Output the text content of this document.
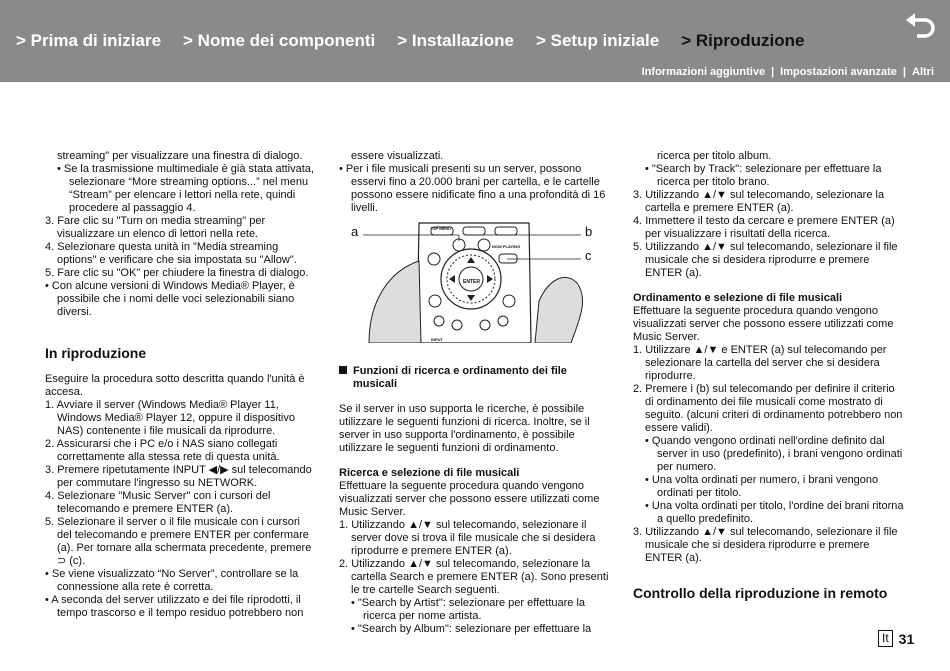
> Prima di iniziare > Nome dei componenti > Installazione > Setup iniziale > Riproduzione
Informazioni aggiuntive | Impostazioni avanzate | Altri

streaming" per visualizzare una finestra di dialogo.

• Se la trasmissione multimediale è già stata attivata, selezionare “More streaming options...” nel menu “Stream” per elencare i lettori nella rete, quindi procedere al passaggio 4.

3. Fare clic su "Turn on media streaming" per visualizzare un elenco di lettori nella rete.

4. Selezionare questa unità in "Media streaming options" e verificare che sia impostata su "Allow".

5. Fare clic su "OK" per chiudere la finestra di dialogo.

• Con alcune versioni di Windows Media® Player, è possibile che i nomi delle voci selezionabili siano diversi.

In riproduzione

Eseguire la procedura sotto descritta quando l'unità è accesa.

1. Avviare il server (Windows Media® Player 11, Windows Media® Player 12, oppure il dispositivo NAS) contenente i file musicali da riprodurre.

2. Assicurarsi che i PC e/o i NAS siano collegati correttamente alla stessa rete di questa unità.

3. Premere ripetutamente INPUT ◀/▶ sul telecomando per commutare l'ingresso su NETWORK.

4. Selezionare "Music Server" con i cursori del telecomando e premere ENTER (a).

5. Selezionare il server o il file musicale con i cursori del telecomando e premere ENTER per confermare (a). Per tornare alla schermata precedente, premere ⊃ (c).

• Se viene visualizzato “No Server”, controllare se la connessione alla rete è corretta.

• A seconda del server utilizzato e dei file riprodotti, il tempo trascorso e il tempo residuo potrebbero non

essere visualizzati.

• Per i file musicali presenti su un server, possono esservi fino a 20.000 brani per cartella, e le cartelle possono essere nidificate fino a una profondità di 16 livelli.

a	b
c
ENTER
NOW PLAYING
TOP MENU
INPUT

Funzioni di ricerca e ordinamento dei file musicali

Se il server in uso supporta le ricerche, è possibile utilizzare le seguenti funzioni di ricerca. Inoltre, se il server in uso supporta l'ordinamento, è possibile utilizzare le seguenti funzioni di ordinamento.

Ricerca e selezione di file musicali

Effettuare la seguente procedura quando vengono visualizzati server che possono essere utilizzati come Music Server.

1. Utilizzando ▲/▼ sul telecomando, selezionare il server dove si trova il file musicale che si desidera riprodurre e premere ENTER (a).

2. Utilizzando ▲/▼ sul telecomando, selezionare la cartella Search e premere ENTER (a). Sono presenti le tre cartelle Search seguenti.

• "Search by Artist": selezionare per effettuare la ricerca per nome artista.

• "Search by Album": selezionare per effettuare la

ricerca per titolo album.

• "Search by Track": selezionare per effettuare la ricerca per titolo brano.

3. Utilizzando ▲/▼ sul telecomando, selezionare la cartella e premere ENTER (a).

4. Immettere il testo da cercare e premere ENTER (a) per visualizzare i risultati della ricerca.

5. Utilizzando ▲/▼ sul telecomando, selezionare il file musicale che si desidera riprodurre e premere ENTER (a).

Ordinamento e selezione di file musicali

Effettuare la seguente procedura quando vengono visualizzati server che possono essere utilizzati come Music Server.

1. Utilizzare ▲/▼ e ENTER (a) sul telecomando per selezionare la cartella del server che si desidera riprodurre.

2. Premere i (b) sul telecomando per definire il criterio di ordinamento dei file musicali come mostrato di seguito. (alcuni criteri di ordinamento potrebbero non essere validi).

• Quando vengono ordinati nell'ordine definito dal server in uso (predefinito), i brani vengono ordinati per numero.

• Una volta ordinati per numero, i brani vengono ordinati per titolo.

• Una volta ordinati per titolo, l'ordine dei brani ritorna a quello predefinito.

3. Utilizzando ▲/▼ sul telecomando, selezionare il file musicale che si desidera riprodurre e premere ENTER (a).

Controllo della riproduzione in remoto

It 31
